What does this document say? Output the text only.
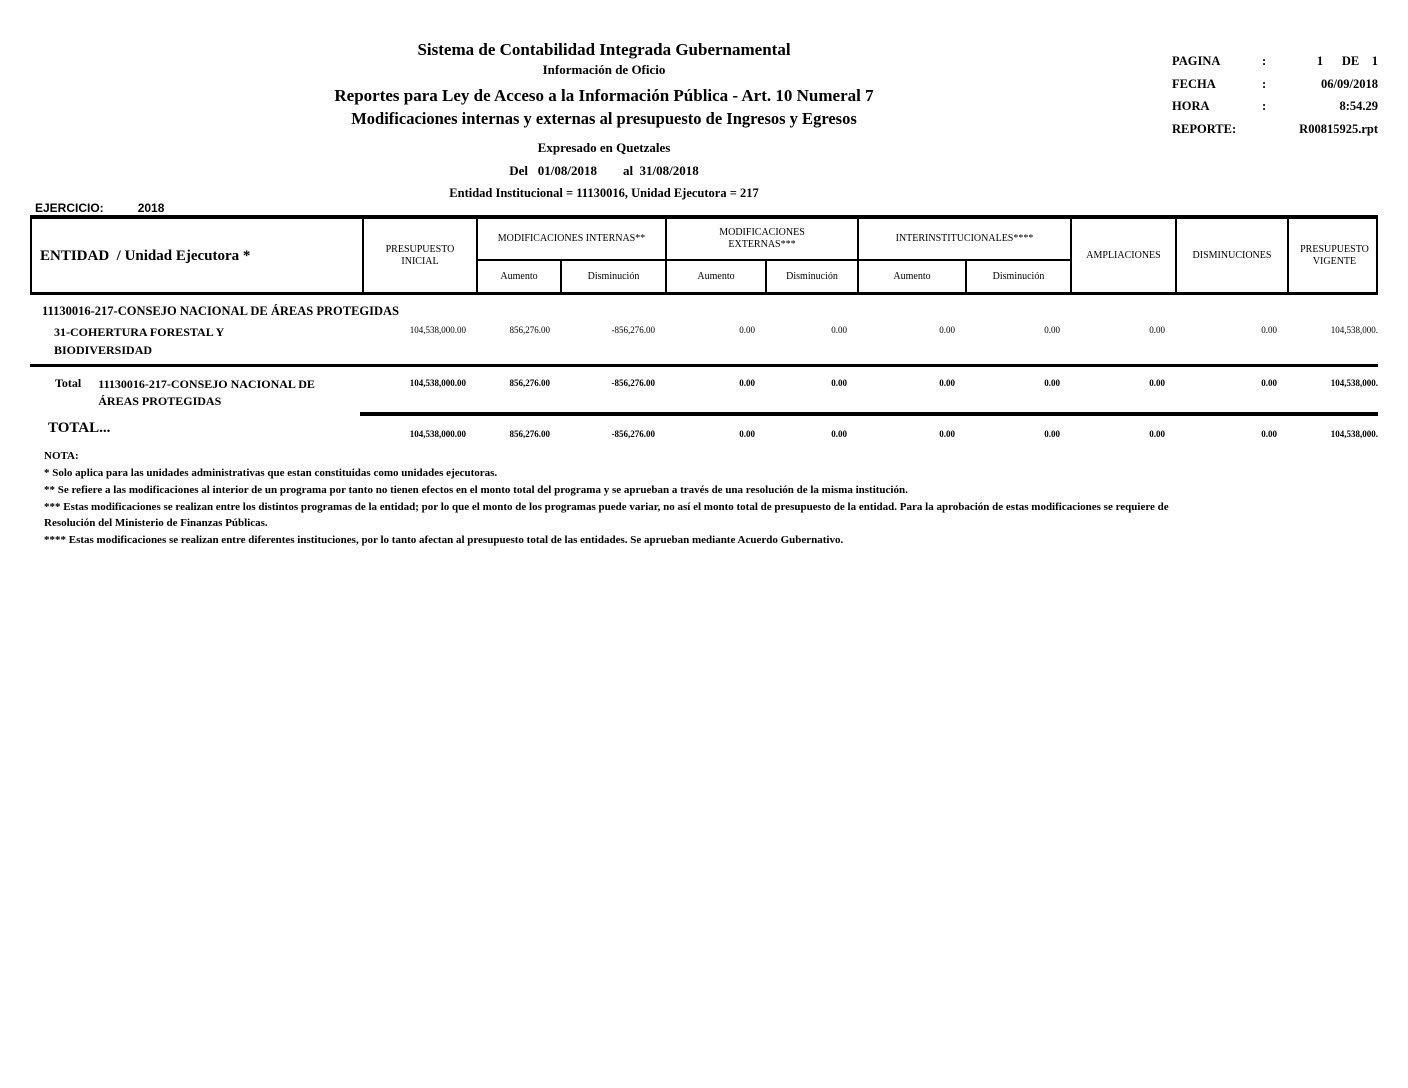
Sistema de Contabilidad Integrada Gubernamental
Información de Oficio
Reportes para Ley de Acceso a la Información Pública - Art. 10 Numeral 7
Modificaciones internas y externas al presupuesto de Ingresos y Egresos
Expresado en Quetzales
Del   01/08/2018        al  31/08/2018
Entidad Institucional = 11130016, Unidad Ejecutora = 217
PAGINA	:	1      DE    1
FECHA	:	06/09/2018
HORA	:	8:54.29
REPORTE:	R00815925.rpt
EJERCICIO:	2018
ENTIDAD  / Unidad Ejecutora *	PRESUPUESTO INICIAL
MODIFICACIONES INTERNAS**
MODIFICACIONES EXTERNAS***
INTERINSTITUCIONALES****
Aumento	Disminución	Aumento	Disminución	Aumento	Disminución
AMPLIACIONES	DISMINUCIONES
PRESUPUESTO VIGENTE
11130016-217-CONSEJO NACIONAL DE ÁREAS PROTEGIDAS
31-COHERTURA FORESTAL Y BIODIVERSIDAD
104,538,000.00	856,276.00	-856,276.00	0.00	0.00	0.00	0.00	0.00	0.00	104,538,000.
Total 11130016-217-CONSEJO NACIONAL DE ÁREAS PROTEGIDAS
104,538,000.00	856,276.00	-856,276.00	0.00	0.00	0.00	0.00	0.00	0.00	104,538,000.
TOTAL...	104,538,000.00	856,276.00	-856,276.00	0.00	0.00	0.00	0.00	0.00	0.00	104,538,000.
NOTA:
* Solo aplica para las unidades administrativas que estan constituidas como unidades ejecutoras.
** Se refiere a las modificaciones al interior de un programa por tanto no tienen efectos en el monto total del programa y se aprueban a través de una resolución de la misma institución.
*** Estas modificaciones se realizan entre los distintos programas de la entidad; por lo que el monto de los programas puede variar, no así el monto total de presupuesto de la entidad. Para la aprobación de estas modificaciones se requiere de Resolución del Ministerio de Finanzas Públicas.
**** Estas modificaciones se realizan entre diferentes instituciones, por lo tanto afectan al presupuesto total de las entidades. Se aprueban mediante Acuerdo Gubernativo.
